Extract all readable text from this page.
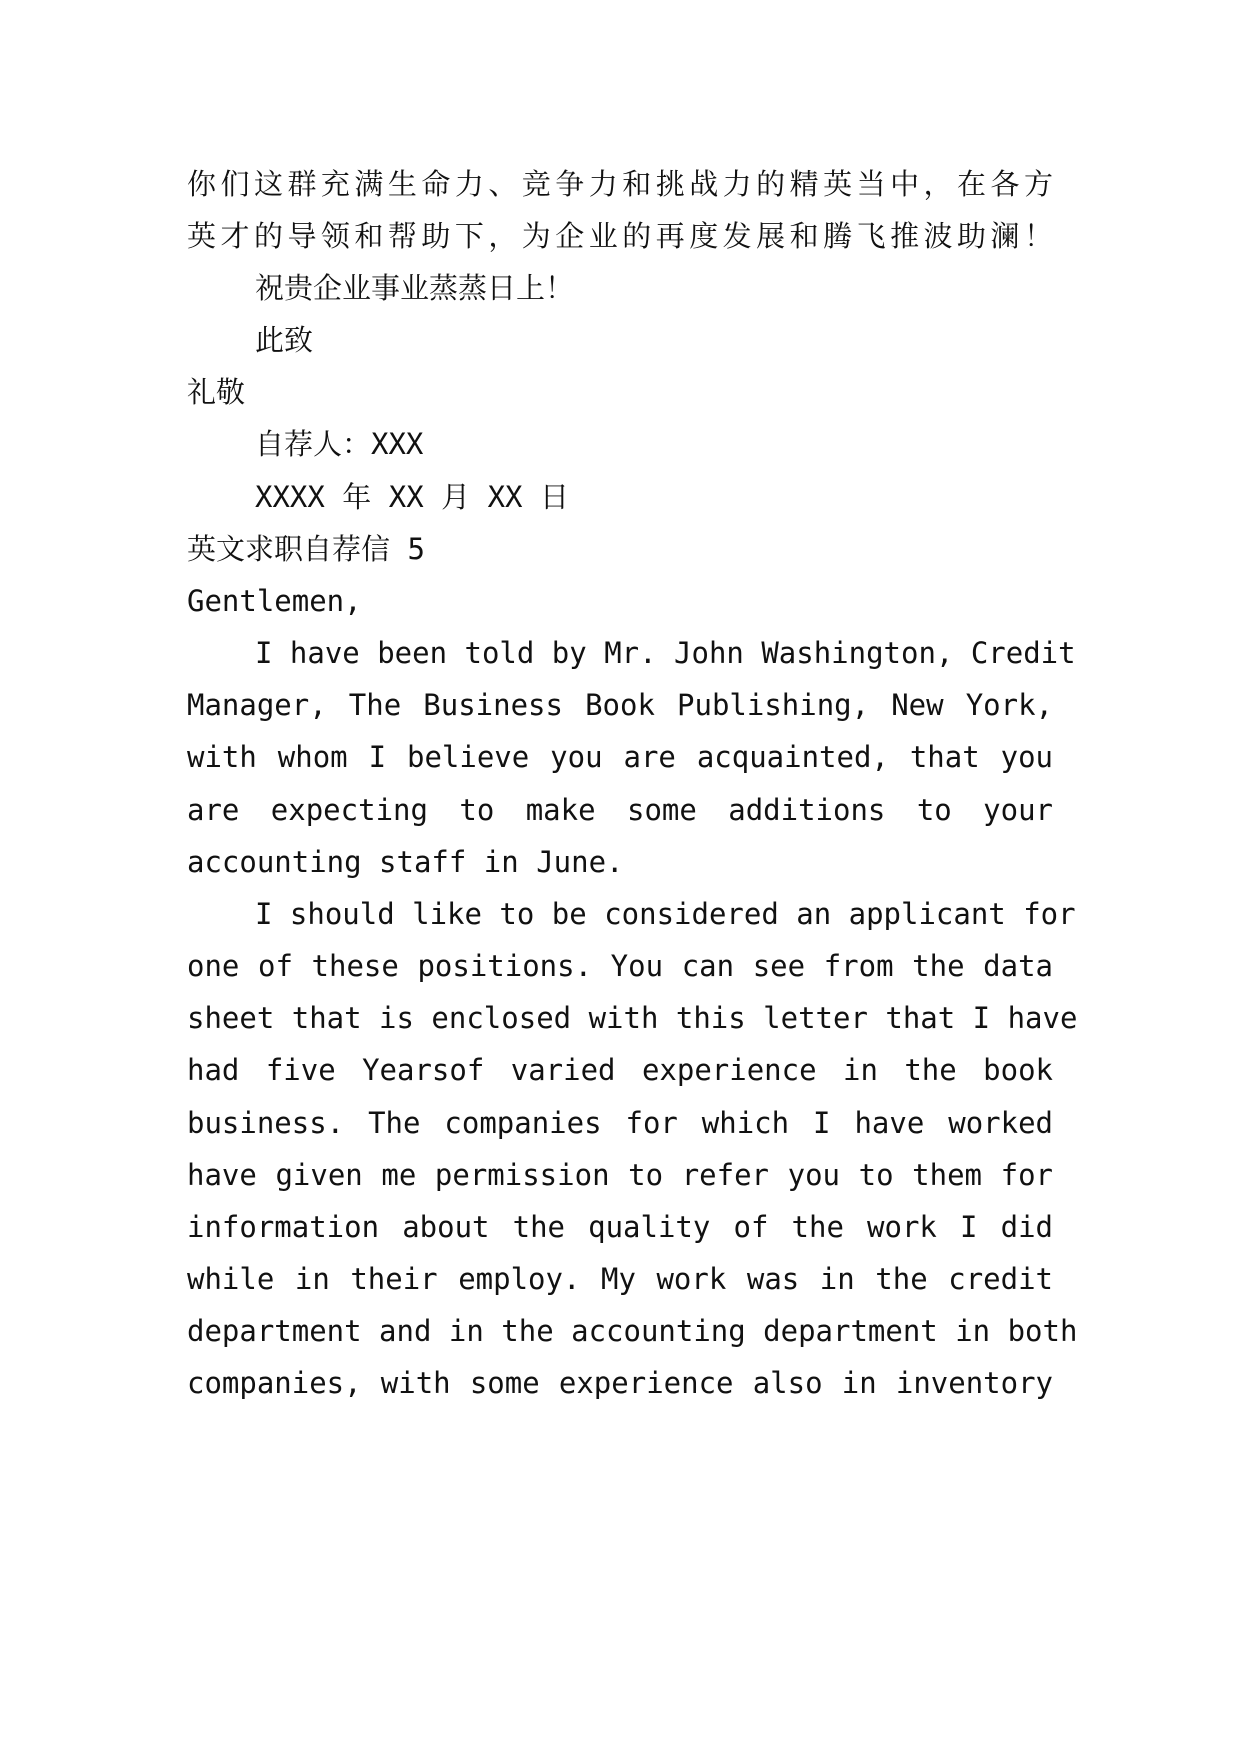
你们这群充满生命力、竞争力和挑战力的精英当中，在各方
英才的导领和帮助下，为企业的再度发展和腾飞推波助澜！
祝贵企业事业蒸蒸日上！
此致
礼敬
自荐人：XXX
XXXX 年 XX 月 XX 日
英文求职自荐信 5
Gentlemen,
I have been told by Mr. John Washington, Credit
Manager, The Business Book Publishing, New York,
with whom I believe you are acquainted, that you
are expecting to make some additions to your
accounting staff in June.
I should like to be considered an applicant for
one of these positions. You can see from the data
sheet that is enclosed with this letter that I have
had five Yearsof varied experience in the book
business. The companies for which I have worked
have given me permission to refer you to them for
information about the quality of the work I did
while in their employ. My work was in the credit
department and in the accounting department in both
companies, with some experience also in inventory
